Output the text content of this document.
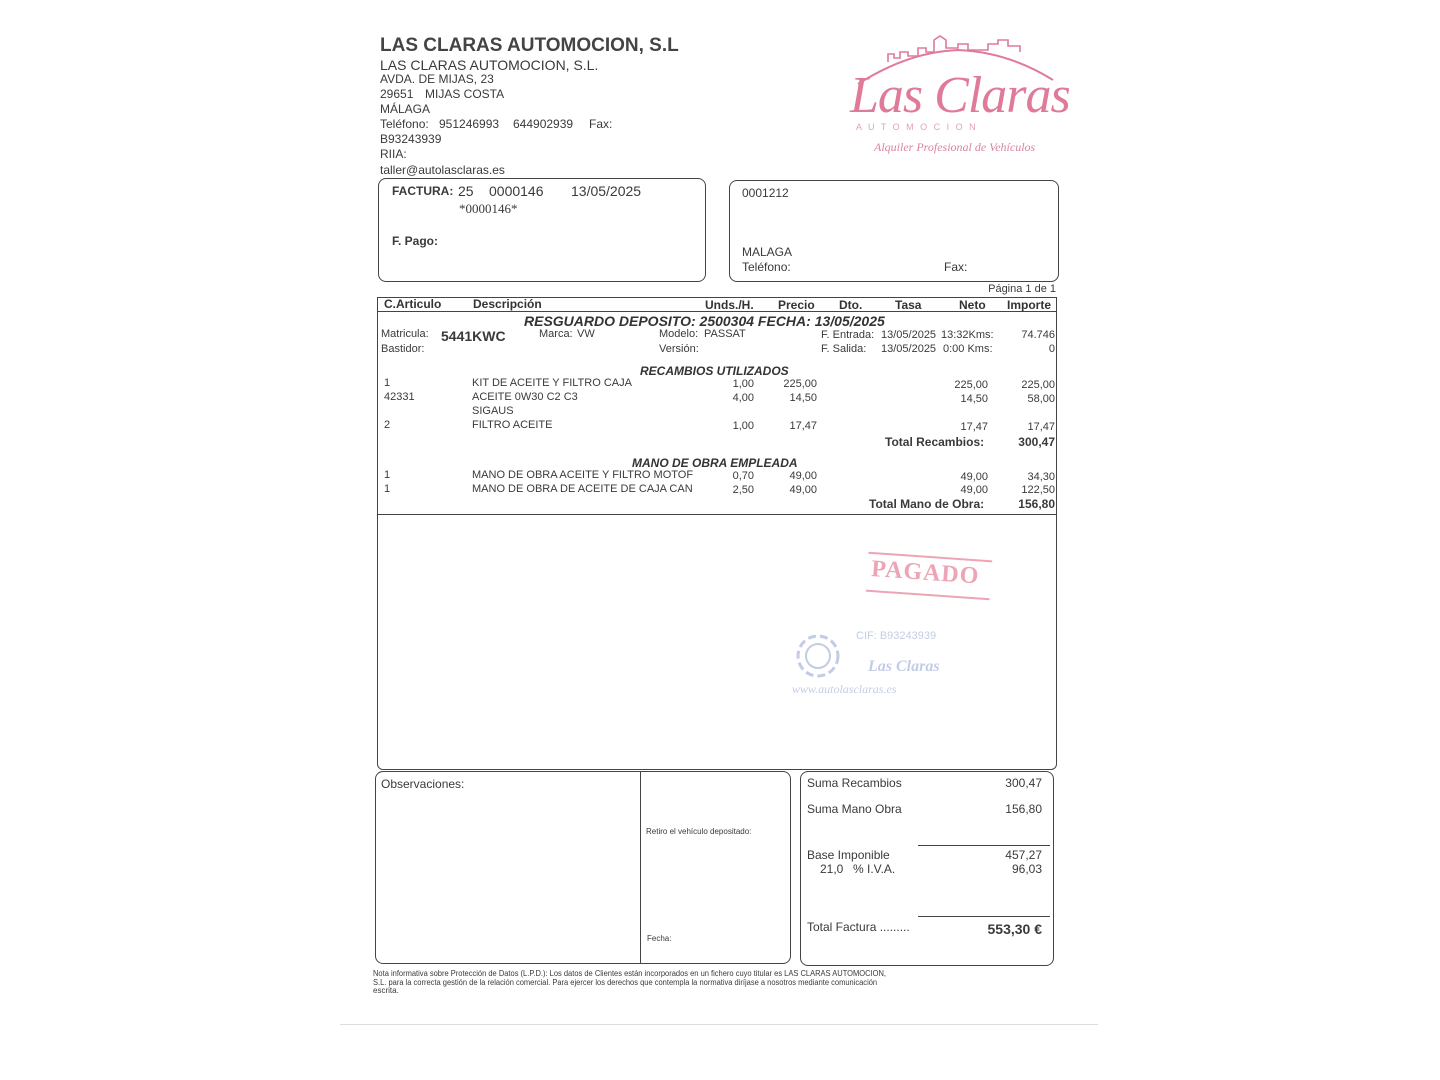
LAS CLARAS AUTOMOCION, S.L
LAS CLARAS AUTOMOCION, S.L.
AVDA. DE MIJAS, 23
29651 MIJAS COSTA
MÁLAGA
Teléfono: 951246993 644902939 Fax:
B93243939
RIIA:
taller@autolasclaras.es
Las Claras
A U T O M O C I O N
Alquiler Profesional de Vehículos
FACTURA: 25 0000146 13/05/2025
*0000146*
F. Pago:
0001212
MALAGA
Teléfono:	Fax:
Página 1 de 1
C.Articulo	Descripción	Unds./H. Precio Dto.	Tasa	Neto Importe
RESGUARDO DEPOSITO: 2500304 FECHA: 13/05/2025
Matricula: 5441KWC	Marca: VW	Modelo: PASSAT
Bastidor:	Versión:
F. Entrada: 13/05/2025 13:32Kms:	74.746
F. Salida: 13/05/2025 0:00 Kms:	0
RECAMBIOS UTILIZADOS
1	KIT DE ACEITE Y FILTRO CAJA	1,00	225,00	225,00	225,00
42331	ACEITE 0W30 C2 C3	4,00	14,50	14,50	58,00
SIGAUS
2	FILTRO ACEITE	1,00	17,47	17,47	17,47
Total Recambios:	300,47
MANO DE OBRA EMPLEADA
1	MANO DE OBRA ACEITE Y FILTRO MOTOF	0,70	49,00	49,00	34,30
1	MANO DE OBRA DE ACEITE DE CAJA CAN	2,50	49,00	49,00	122,50
Total Mano de Obra:	156,80
PAGADO
CIF: B93243939
Las Claras
www.autolasclaras.es
Observaciones:
Retiro el vehículo depositado:
Fecha:
Suma Recambios	300,47
Suma Mano Obra	156,80
Base Imponible	457,27
21,0 % I.V.A.	96,03
Total Factura .........	553,30 €
Nota informativa sobre Protección de Datos (L.P.D.): Los datos de Clientes están incorporados en un fichero cuyo titular es LAS CLARAS AUTOMOCION,
S.L. para la correcta gestión de la relación comercial. Para ejercer los derechos que contempla la normativa diríjase a nosotros mediante comunicación
escrita.
